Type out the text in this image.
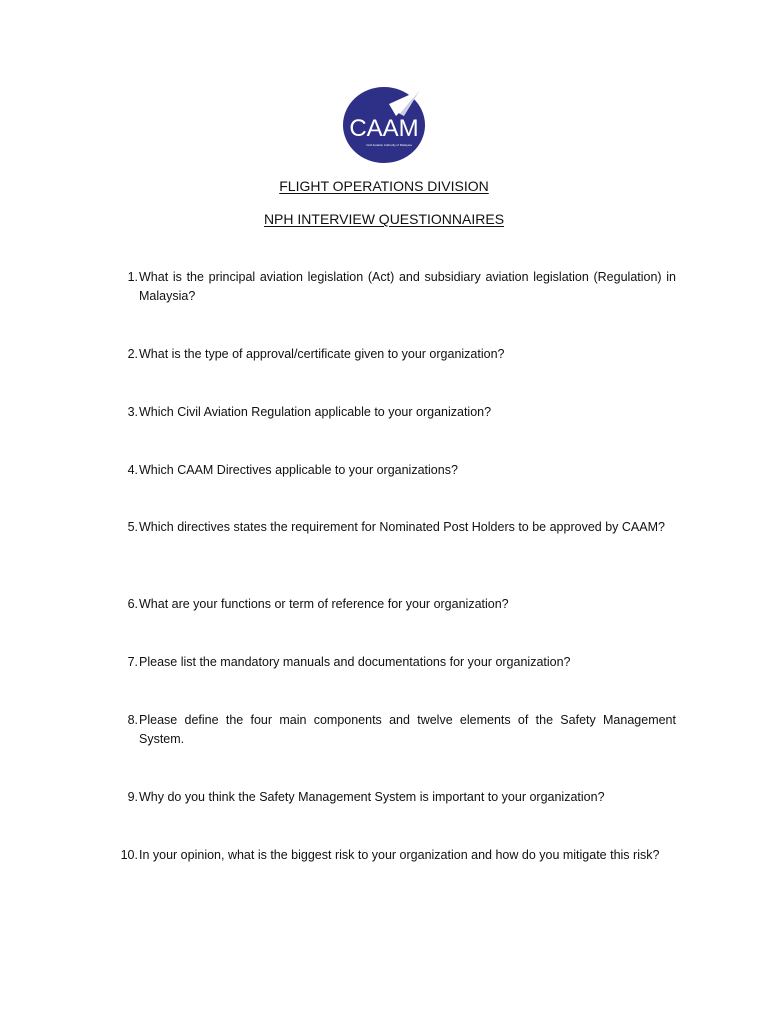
CAAM
Civil Aviation Authority of Malaysia
FLIGHT OPERATIONS DIVISION
NPH INTERVIEW QUESTIONNAIRES
1. What is the principal aviation legislation (Act) and subsidiary aviation legislation (Regulation) in Malaysia?
2. What is the type of approval/certificate given to your organization?
3. Which Civil Aviation Regulation applicable to your organization?
4. Which CAAM Directives applicable to your organizations?
5. Which directives states the requirement for Nominated Post Holders to be approved by CAAM?
6. What are your functions or term of reference for your organization?
7. Please list the mandatory manuals and documentations for your organization?
8. Please define the four main components and twelve elements of the Safety Management System.
9. Why do you think the Safety Management System is important to your organization?
10. In your opinion, what is the biggest risk to your organization and how do you mitigate this risk?
